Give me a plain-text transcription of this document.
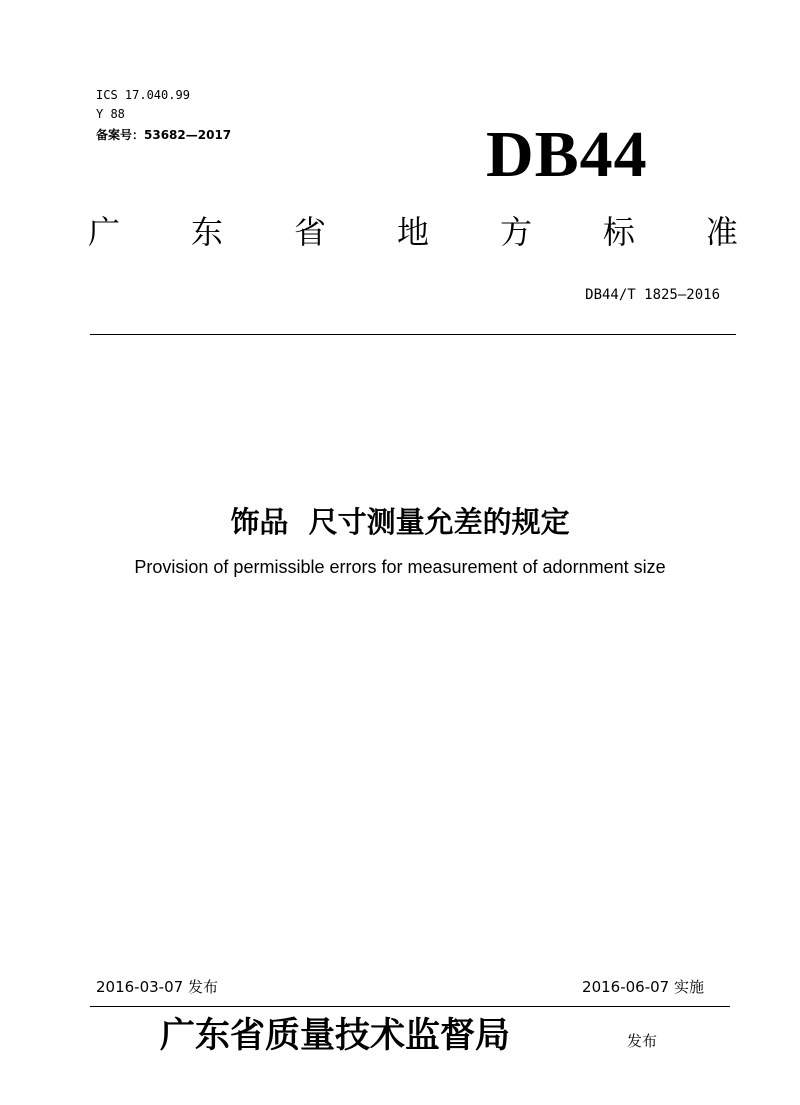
ICS 17.040.99
Y 88
备案号：53682—2017	DB44
广 东 省 地 方 标 准
DB44/T 1825—2016
饰品  尺寸测量允差的规定
Provision of permissible errors for measurement of adornment size
2016-03-07 发布	2016-06-07 实施
广东省质量技术监督局	发布
